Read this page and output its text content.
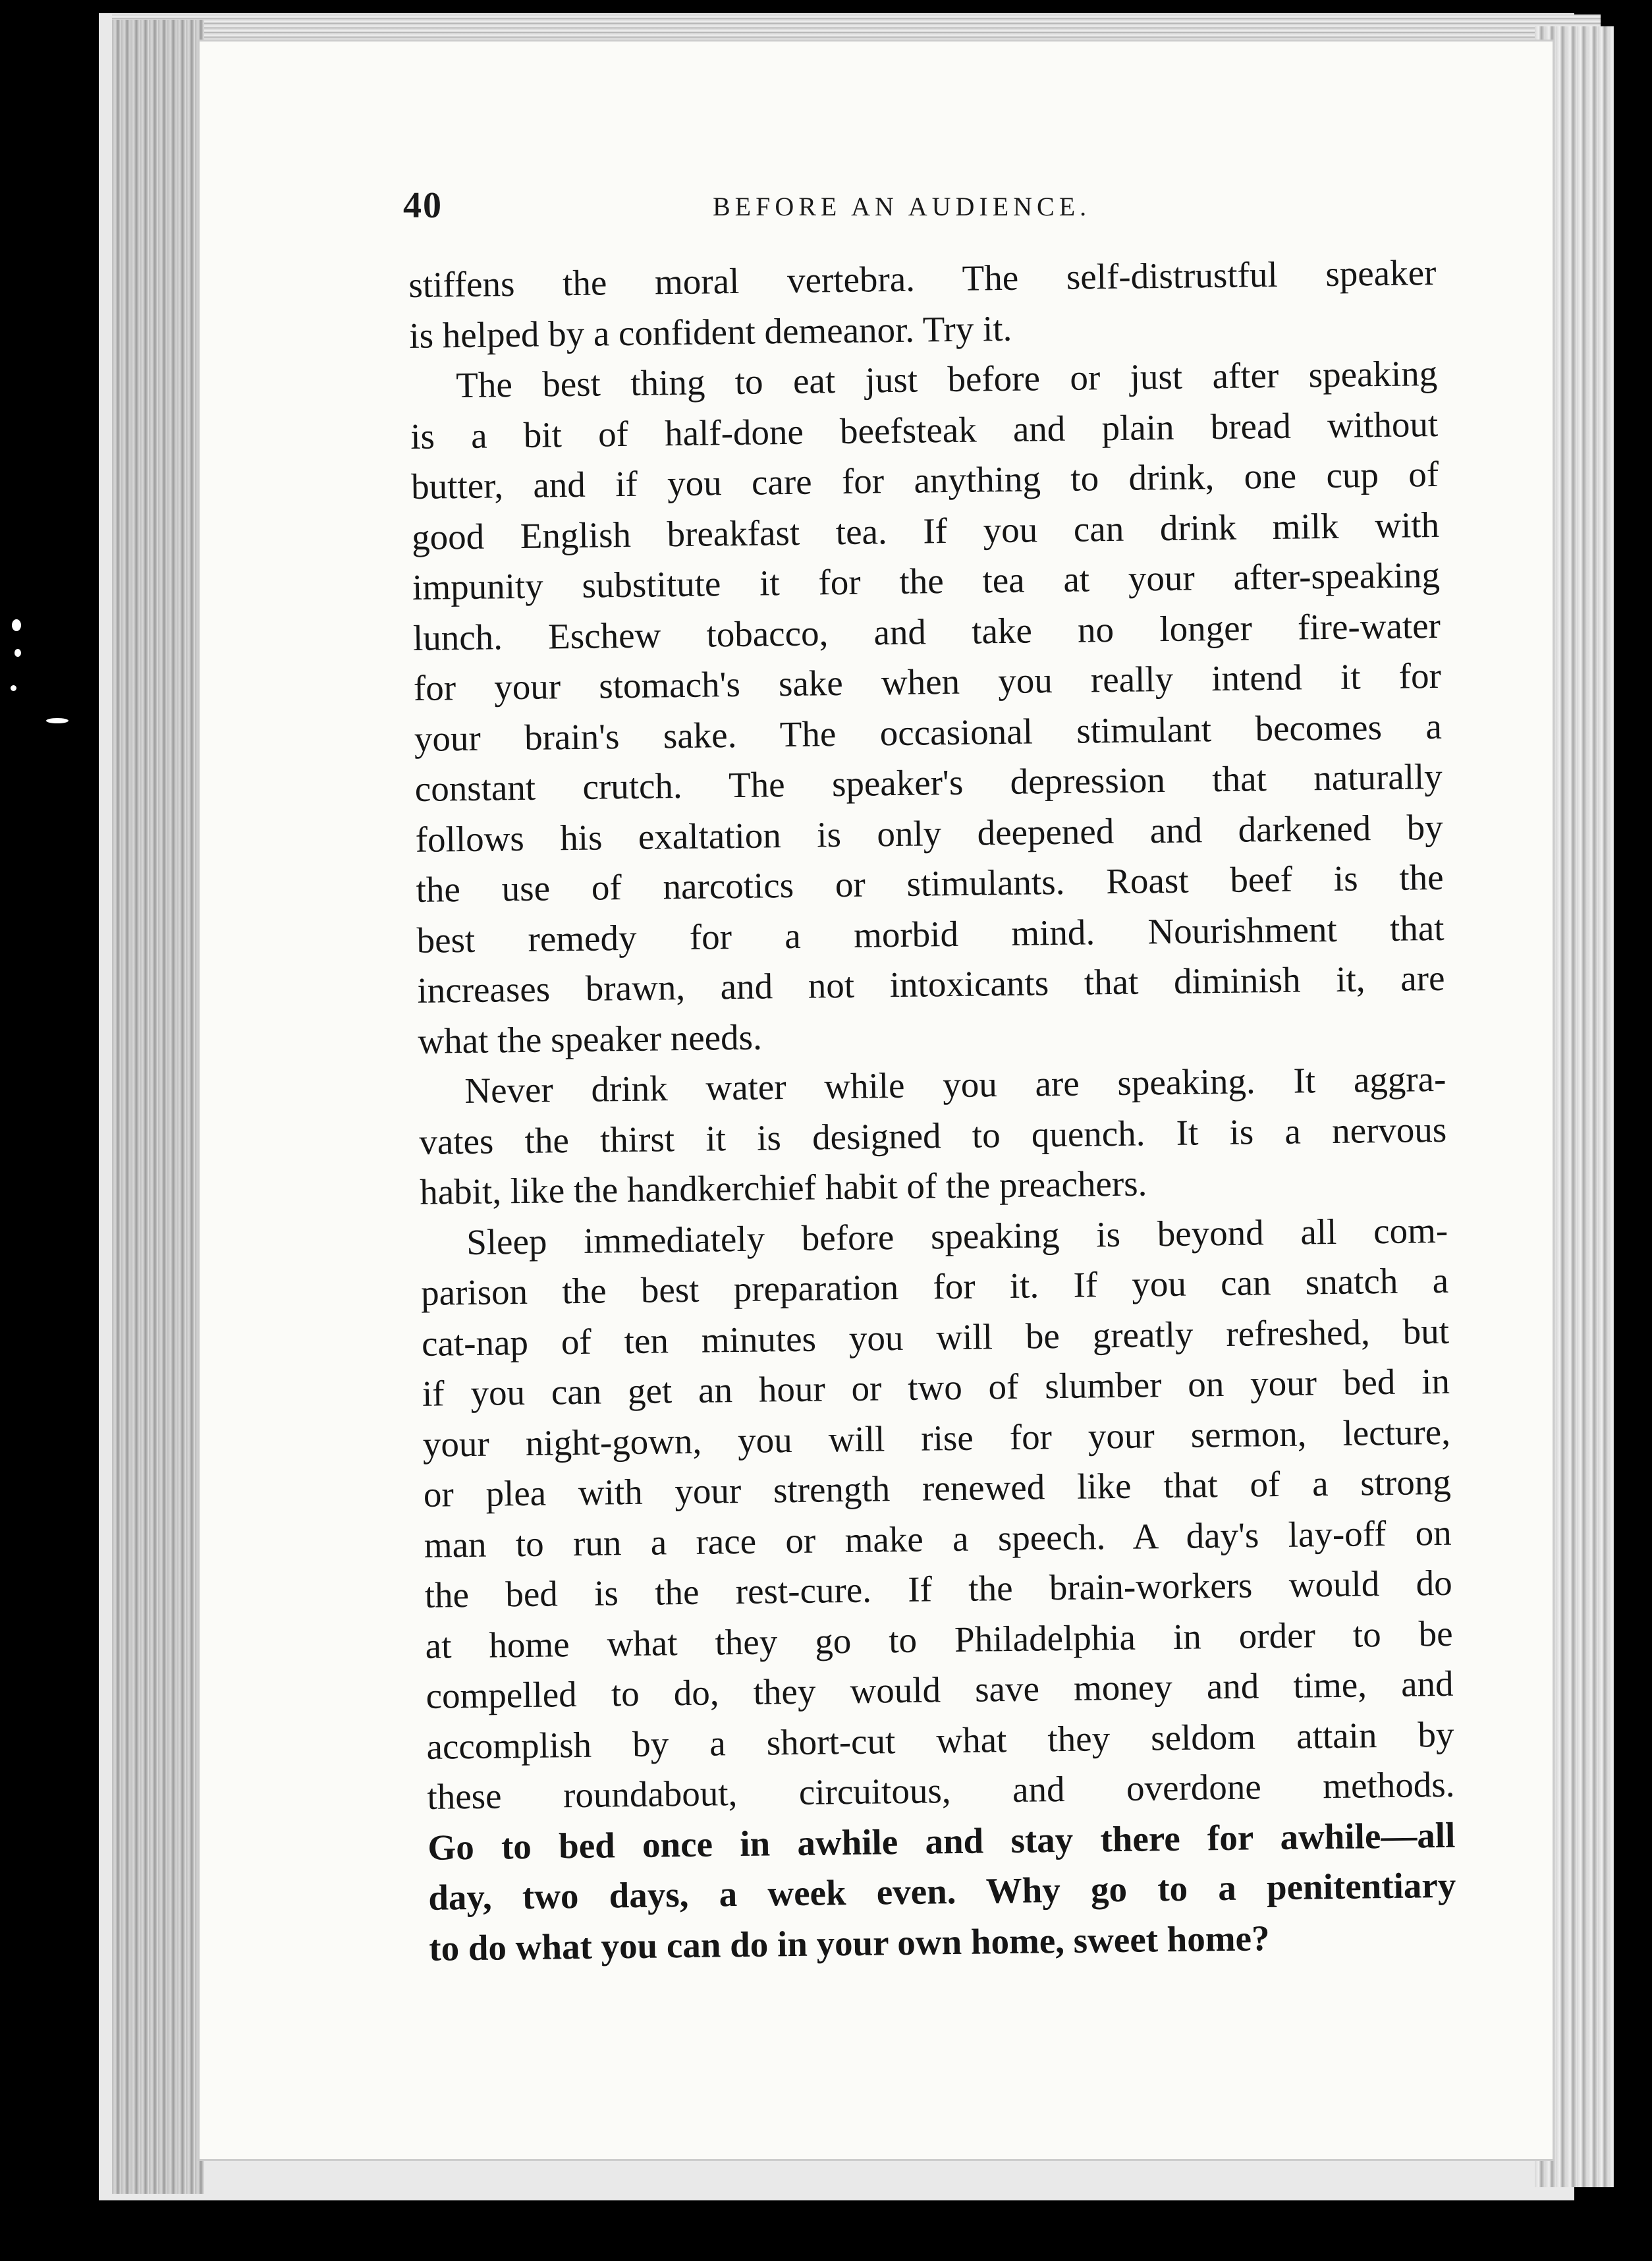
40	BEFORE AN AUDIENCE.
stiffens the moral vertebra. The self-distrustful speaker
is helped by a confident demeanor. Try it.
The best thing to eat just before or just after speaking
is a bit of half-done beefsteak and plain bread without
butter, and if you care for anything to drink, one cup of
good English breakfast tea. If you can drink milk with
impunity substitute it for the tea at your after-speaking
lunch. Eschew tobacco, and take no longer fire-water
for your stomach's sake when you really intend it for
your brain's sake. The occasional stimulant becomes a
constant crutch. The speaker's depression that naturally
follows his exaltation is only deepened and darkened by
the use of narcotics or stimulants. Roast beef is the
best remedy for a morbid mind. Nourishment that
increases brawn, and not intoxicants that diminish it, are
what the speaker needs.
Never drink water while you are speaking. It aggra-
vates the thirst it is designed to quench. It is a nervous
habit, like the handkerchief habit of the preachers.
Sleep immediately before speaking is beyond all com-
parison the best preparation for it. If you can snatch a
cat-nap of ten minutes you will be greatly refreshed, but
if you can get an hour or two of slumber on your bed in
your night-gown, you will rise for your sermon, lecture,
or plea with your strength renewed like that of a strong
man to run a race or make a speech. A day's lay-off on
the bed is the rest-cure. If the brain-workers would do
at home what they go to Philadelphia in order to be
compelled to do, they would save money and time, and
accomplish by a short-cut what they seldom attain by
these roundabout, circuitous, and overdone methods.
Go to bed once in awhile and stay there for awhile—all
day, two days, a week even. Why go to a penitentiary
to do what you can do in your own home, sweet home?
